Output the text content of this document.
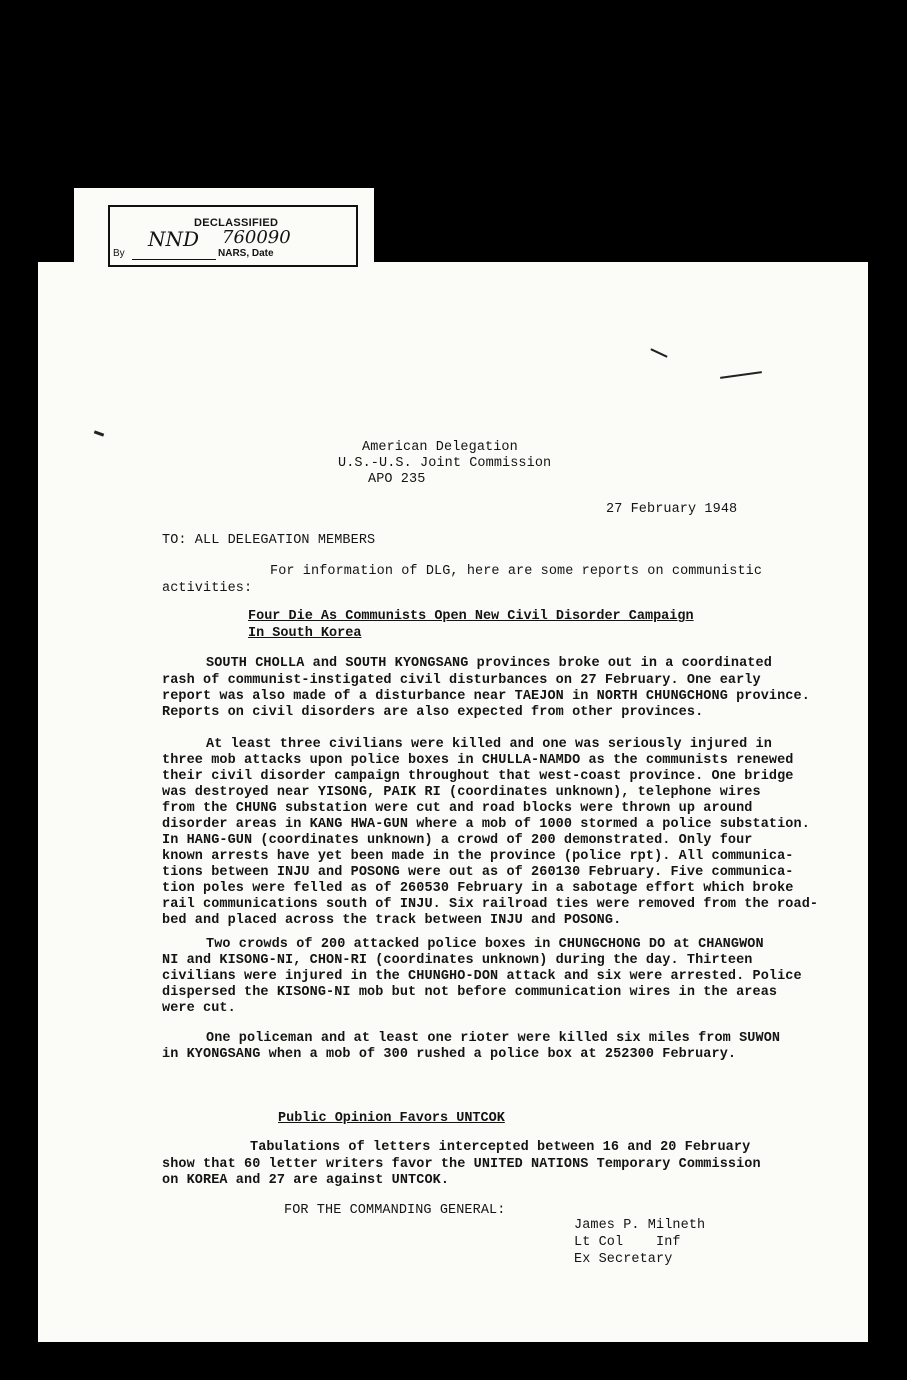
DECLASSIFIED
NND 760090
By	NARS, Date
American Delegation
U.S.-U.S. Joint Commission
APO 235
27 February 1948
TO: ALL DELEGATION MEMBERS
For information of DLG, here are some reports on communistic
activities:
Four Die As Communists Open New Civil Disorder Campaign
In South Korea
SOUTH CHOLLA and SOUTH KYONGSANG provinces broke out in a coordinated
rash of communist-instigated civil disturbances on 27 February. One early
report was also made of a disturbance near TAEJON in NORTH CHUNGCHONG province.
Reports on civil disorders are also expected from other provinces.
At least three civilians were killed and one was seriously injured in
three mob attacks upon police boxes in CHULLA-NAMDO as the communists renewed
their civil disorder campaign throughout that west-coast province. One bridge
was destroyed near YISONG, PAIK RI (coordinates unknown), telephone wires
from the CHUNG substation were cut and road blocks were thrown up around
disorder areas in KANG HWA-GUN where a mob of 1000 stormed a police substation.
In HANG-GUN (coordinates unknown) a crowd of 200 demonstrated. Only four
known arrests have yet been made in the province (police rpt). All communica-
tions between INJU and POSONG were out as of 260130 February. Five communica-
tion poles were felled as of 260530 February in a sabotage effort which broke
rail communications south of INJU. Six railroad ties were removed from the road-
bed and placed across the track between INJU and POSONG.
Two crowds of 200 attacked police boxes in CHUNGCHONG DO at CHANGWON
NI and KISONG-NI, CHON-RI (coordinates unknown) during the day. Thirteen
civilians were injured in the CHUNGHO-DON attack and six were arrested. Police
dispersed the KISONG-NI mob but not before communication wires in the areas
were cut.
One policeman and at least one rioter were killed six miles from SUWON
in KYONGSANG when a mob of 300 rushed a police box at 252300 February.
Public Opinion Favors UNTCOK
Tabulations of letters intercepted between 16 and 20 February
show that 60 letter writers favor the UNITED NATIONS Temporary Commission
on KOREA and 27 are against UNTCOK.
FOR THE COMMANDING GENERAL:
James P. Milneth
Lt Col    Inf
Ex Secretary
